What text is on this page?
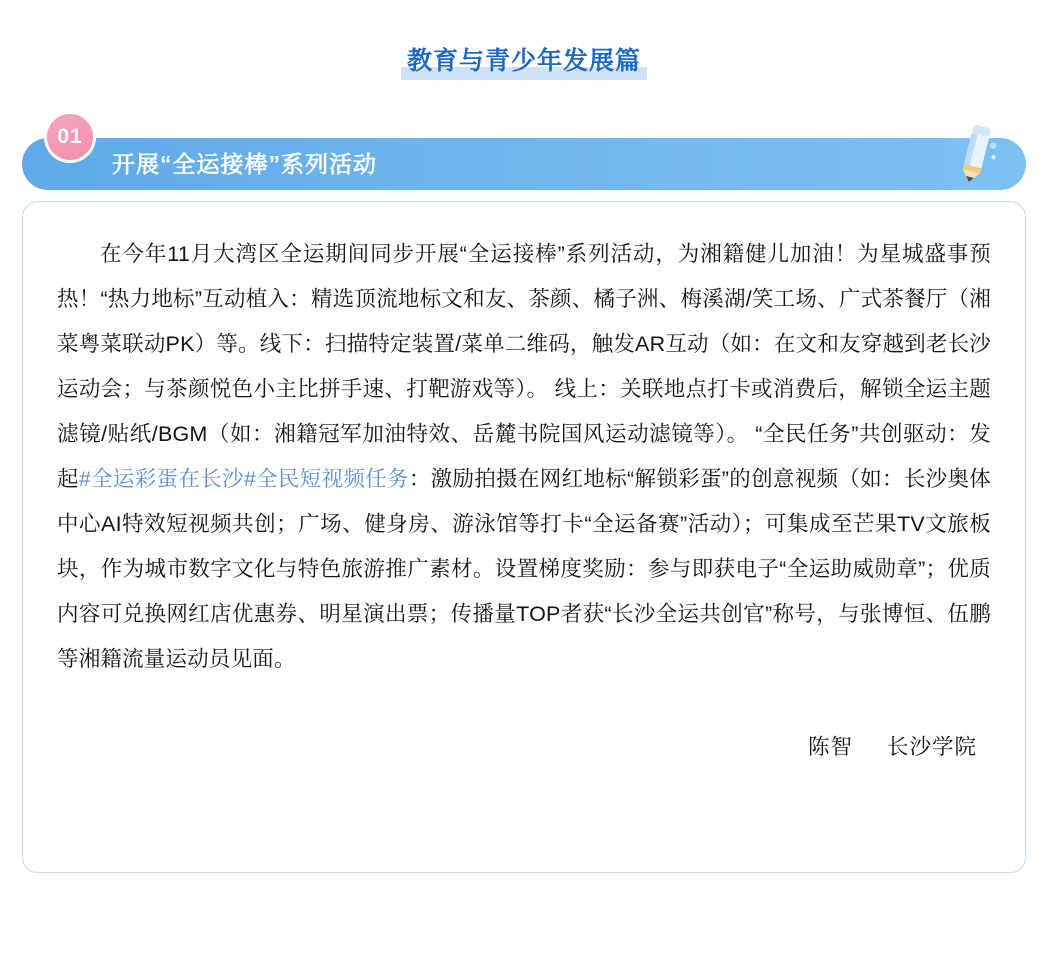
教育与青少年发展篇
01
开展“全运接棒”系列活动
在今年11月大湾区全运期间同步开展“全运接棒”系列活动，为湘籍健儿加油！为星城盛事预热！“热力地标”互动植入：精选顶流地标文和友、茶颜、橘子洲、梅溪湖/笑工场、广式茶餐厅（湘菜粤菜联动PK）等。线下：扫描特定装置/菜单二维码，触发AR互动（如：在文和友穿越到老长沙运动会；与茶颜悦色小主比拼手速、打靶游戏等）。 线上：关联地点打卡或消费后，解锁全运主题滤镜/贴纸/BGM（如：湘籍冠军加油特效、岳麓书院国风运动滤镜等）。 “全民任务”共创驱动：发起#全运彩蛋在长沙#全民短视频任务：激励拍摄在网红地标“解锁彩蛋”的创意视频（如：长沙奥体中心AI特效短视频共创；广场、健身房、游泳馆等打卡“全运备赛”活动）；可集成至芒果TV文旅板块，作为城市数字文化与特色旅游推广素材。设置梯度奖励：参与即获电子“全运助威勋章”；优质内容可兑换网红店优惠券、明星演出票；传播量TOP者获“长沙全运共创官”称号，与张博恒、伍鹏等湘籍流量运动员见面。
陈智 长沙学院
